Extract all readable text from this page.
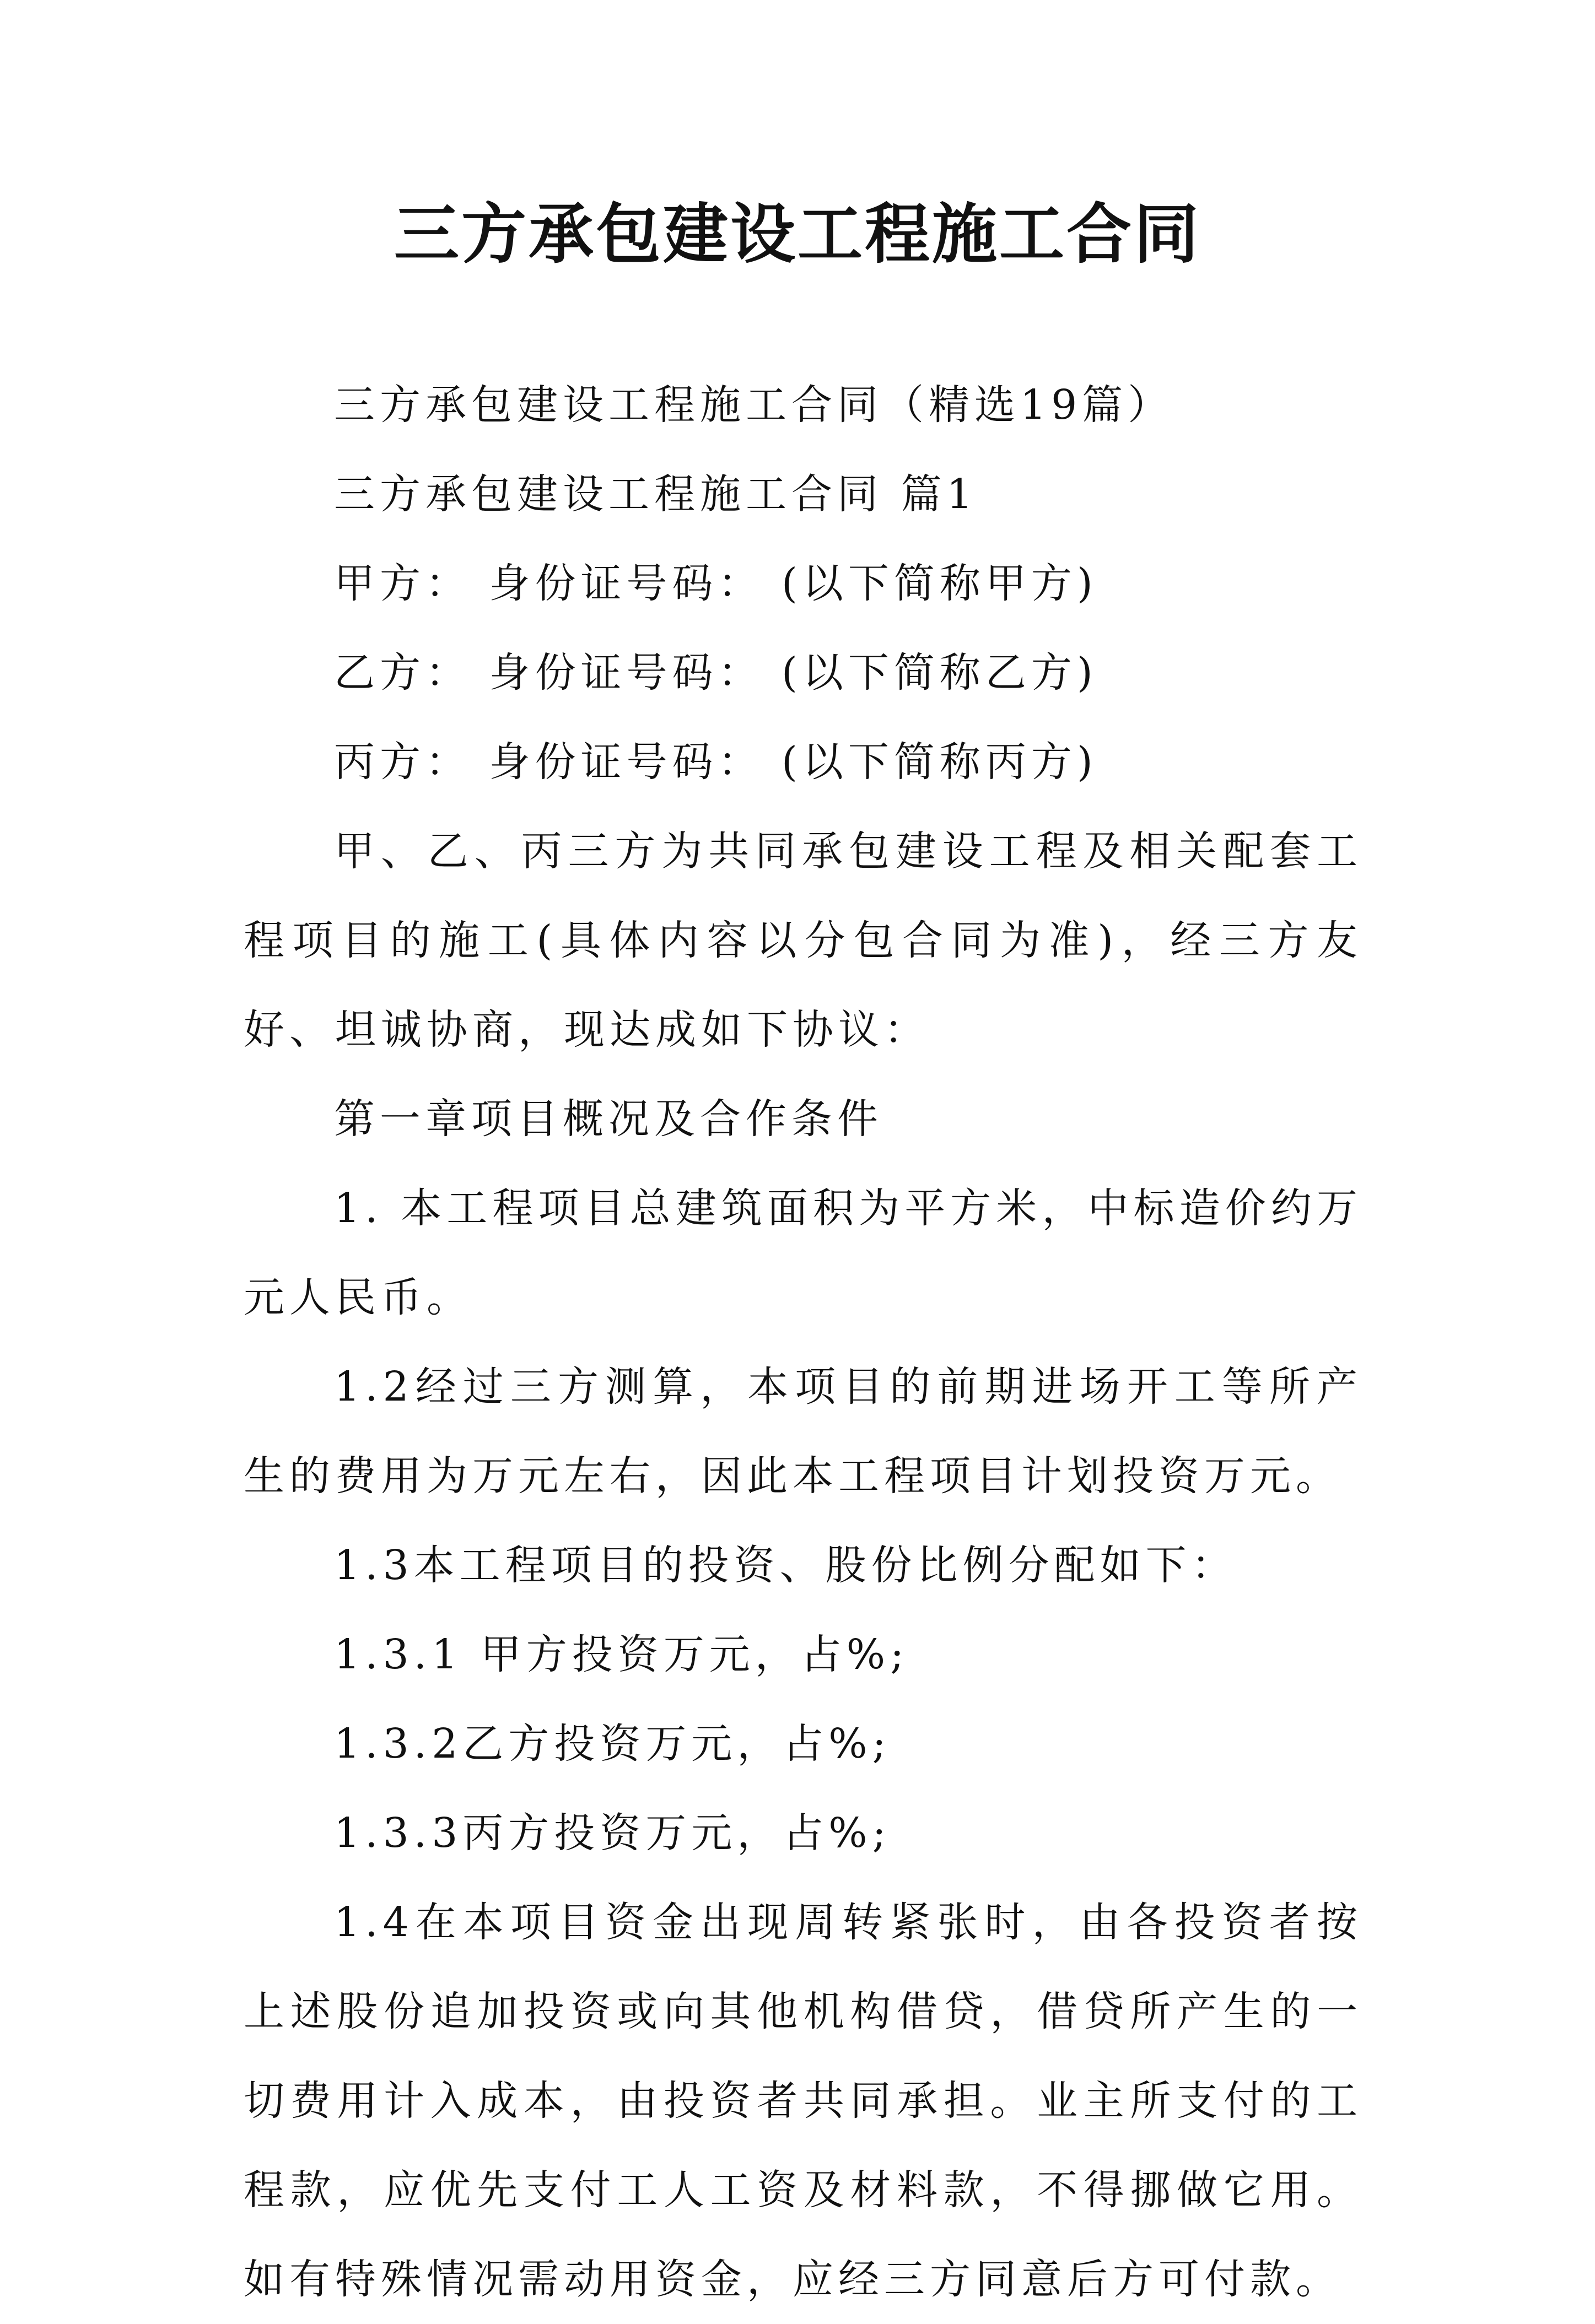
三方承包建设工程施工合同

三方承包建设工程施工合同（精选19篇）

三方承包建设工程施工合同 篇1

甲方： 身份证号码： (以下简称甲方)

乙方： 身份证号码： (以下简称乙方)

丙方： 身份证号码： (以下简称丙方)

甲、乙、丙三方为共同承包建设工程及相关配套工程项目的施工(具体内容以分包合同为准)，经三方友好、坦诚协商，现达成如下协议：

第一章项目概况及合作条件

1. 本工程项目总建筑面积为平方米，中标造价约万元人民币。

1.2经过三方测算，本项目的前期进场开工等所产生的费用为万元左右，因此本工程项目计划投资万元。

1.3本工程项目的投资、股份比例分配如下：

1.3.1 甲方投资万元，占%;

1.3.2乙方投资万元，占%;

1.3.3丙方投资万元，占%;

1.4在本项目资金出现周转紧张时，由各投资者按上述股份追加投资或向其他机构借贷，借贷所产生的一切费用计入成本，由投资者共同承担。业主所支付的工程款，应优先支付工人工资及材料款，不得挪做它用。如有特殊情况需动用资金，应经三方同意后方可付款。
